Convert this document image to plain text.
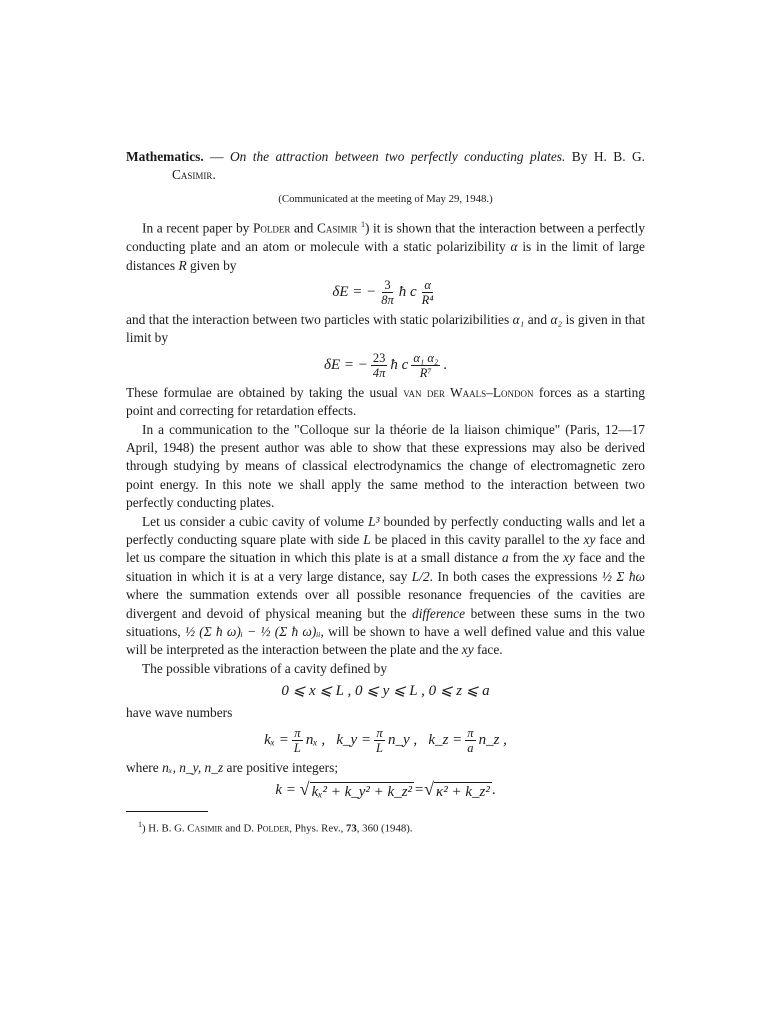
Mathematics. — On the attraction between two perfectly conducting plates. By H. B. G. Casimir.

(Communicated at the meeting of May 29, 1948.)

In a recent paper by Polder and Casimir $^1$) it is shown that the interaction between a perfectly conducting plate and an atom or molecule with a static polarizibility α is in the limit of large distances R given by

δE = − $\frac{3}{8\pi}$ ħ c $\frac{\alpha}{\text{R⁴}}$

and that the interaction between two particles with static polarizibilities α₁ and α₂ is given in that limit by

δE = − $\frac{23}{4\pi}$ ħ c $\frac{\text{α₁ α₂}}{\text{R⁷}}$ .

These formulae are obtained by taking the usual van der Waals–London forces as a starting point and correcting for retardation effects.

In a communication to the "Colloque sur la théorie de la liaison chimique" (Paris, 12—17 April, 1948) the present author was able to show that these expressions may also be derived through studying by means of classical electrodynamics the change of electromagnetic zero point energy. In this note we shall apply the same method to the interaction between two perfectly conducting plates.

Let us consider a cubic cavity of volume L³ bounded by perfectly conducting walls and let a perfectly conducting square plate with side L be placed in this cavity parallel to the xy face and let us compare the situation in which this plate is at a small distance a from the xy face and the situation in which it is at a very large distance, say L/2. In both cases the expressions ½ Σ ħω where the summation extends over all possible resonance frequencies of the cavities are divergent and devoid of physical meaning but the difference between these sums in the two situations, ½ (Σ ħ ω)ᵢ − ½ (Σ ħ ω)ᵢᵢ, will be shown to have a well defined value and this value will be interpreted as the interaction between the plate and the xy face.

The possible vibrations of a cavity defined by

0 ⩽ x ⩽ L , 0 ⩽ y ⩽ L , 0 ⩽ z ⩽ a

have wave numbers

$k_x = \frac{\pi}{L}$ nₓ ,
k_y = $\frac{\pi}{L}$ n_y ,
k_z = $\frac{\pi}{a}$ n_z ,

where nₓ, n_y, n_z are positive integers;

k =
√ kₓ² + k_y² + k_z² = √ κ² + k_z² .

$^1$) H. B. G. Casimir and D. Polder, Phys. Rev., 73, 360 (1948).
